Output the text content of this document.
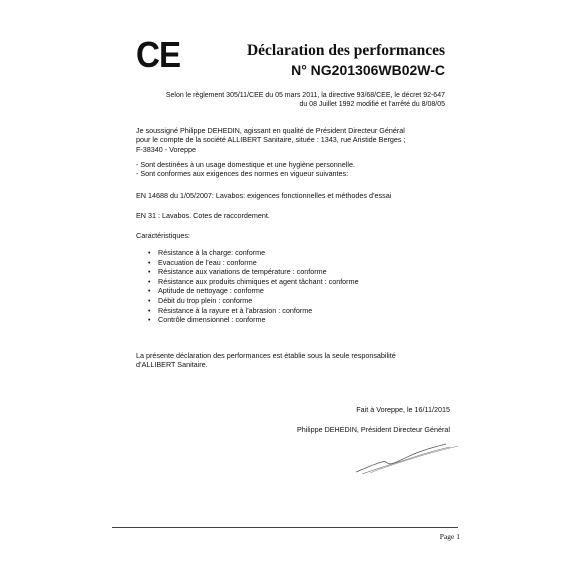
CE	Déclaration des performances
N° NG201306WB02W-C
Selon le règlement 305/11/CEE du 05 mars 2011, la directive 93/68/CEE, le décret 92-647
du 08 Juillet 1992 modifié et l’arrêté du 8/08/05
Je soussigné Philippe DEHEDIN, agissant en qualité de Président Directeur Général
pour le compte de la société ALLIBERT Sanitaire, située : 1343, rue Aristide Berges ;
F-38340 - Voreppe
- Sont destinées à un usage domestique et une hygiène personnelle.
- Sont conformes aux exigences des normes en vigueur suivantes:
EN 14688 du 1/05/2007: Lavabos: exigences fonctionnelles et méthodes d’essai
EN 31 : Lavabos. Cotes de raccordement.
Caractéristiques:
• Résistance à la charge: conforme
• Evacuation de l’eau : conforme
• Résistance aux variations de température : conforme
• Résistance aux produits chimiques et agent tâchant : conforme
• Aptitude de nettoyage : conforme
• Débit du trop plein : conforme
• Résistance à la rayure et à l’abrasion : conforme
• Contrôle dimensionnel : conforme
La présente déclaration des performances est établie sous la seule responsabilité
d’ALLIBERT Sanitaire.
Fait à Voreppe, le 16/11/2015
Philippe DEHEDIN, Président Directeur Général
Page 1
